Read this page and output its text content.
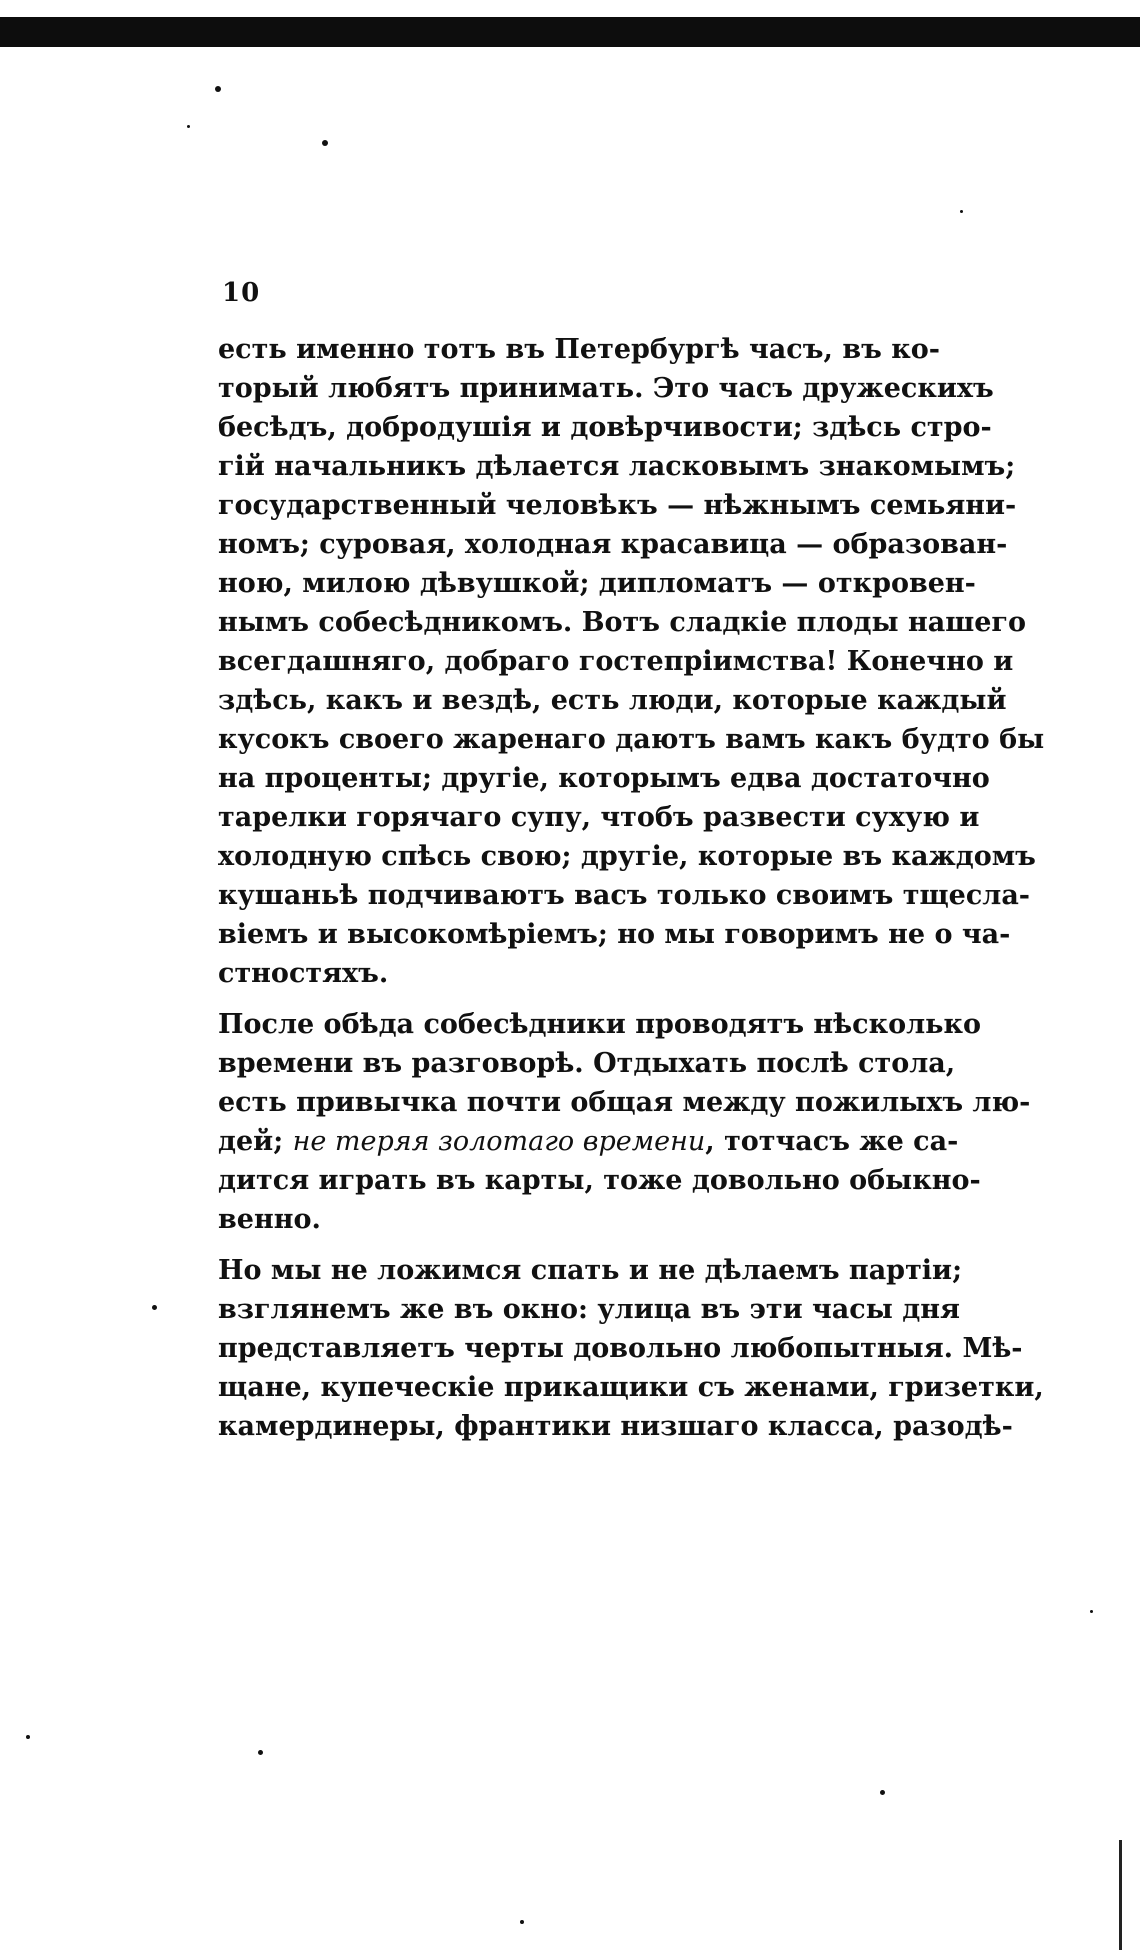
10
есть именно тотъ въ Петербургѣ часъ, въ ко-
торый любятъ принимать. Это часъ дружескихъ
бесѣдъ, добродушія и довѣрчивости; здѣсь стро-
гій начальникъ дѣлается ласковымъ знакомымъ;
государственный человѣкъ — нѣжнымъ семьяни-
номъ; суровая, холодная красавица — образован-
ною, милою дѣвушкой; дипломатъ — откровен-
нымъ собесѣдникомъ. Вотъ сладкіе плоды нашего
всегдашняго, добраго гостепріимства! Конечно и
здѣсь, какъ и вездѣ, есть люди, которые каждый
кусокъ своего жаренаго даютъ вамъ какъ будто бы
на проценты; другіе, которымъ едва достаточно
тарелки горячаго супу, чтобъ развести сухую и
холодную спѣсь свою; другіе, которые въ каждомъ
кушаньѣ подчиваютъ васъ только своимъ тщесла-
віемъ и высокомѣріемъ; но мы говоримъ не о ча-
стностяхъ.
После обѣда собесѣдники проводятъ нѣсколько
времени въ разговорѣ. Отдыхать послѣ стола,
есть привычка почти общая между пожилыхъ лю-
дей; не теряя золотаго времени, тотчасъ же са-
дится играть въ карты, тоже довольно обыкно-
венно.
Но мы не ложимся спать и не дѣлаемъ партіи;
взглянемъ же въ окно: улица въ эти часы дня
представляетъ черты довольно любопытныя. Мѣ-
щане, купеческіе прикащики съ женами, гризетки,
камердинеры, франтики низшаго класса, разодѣ-
